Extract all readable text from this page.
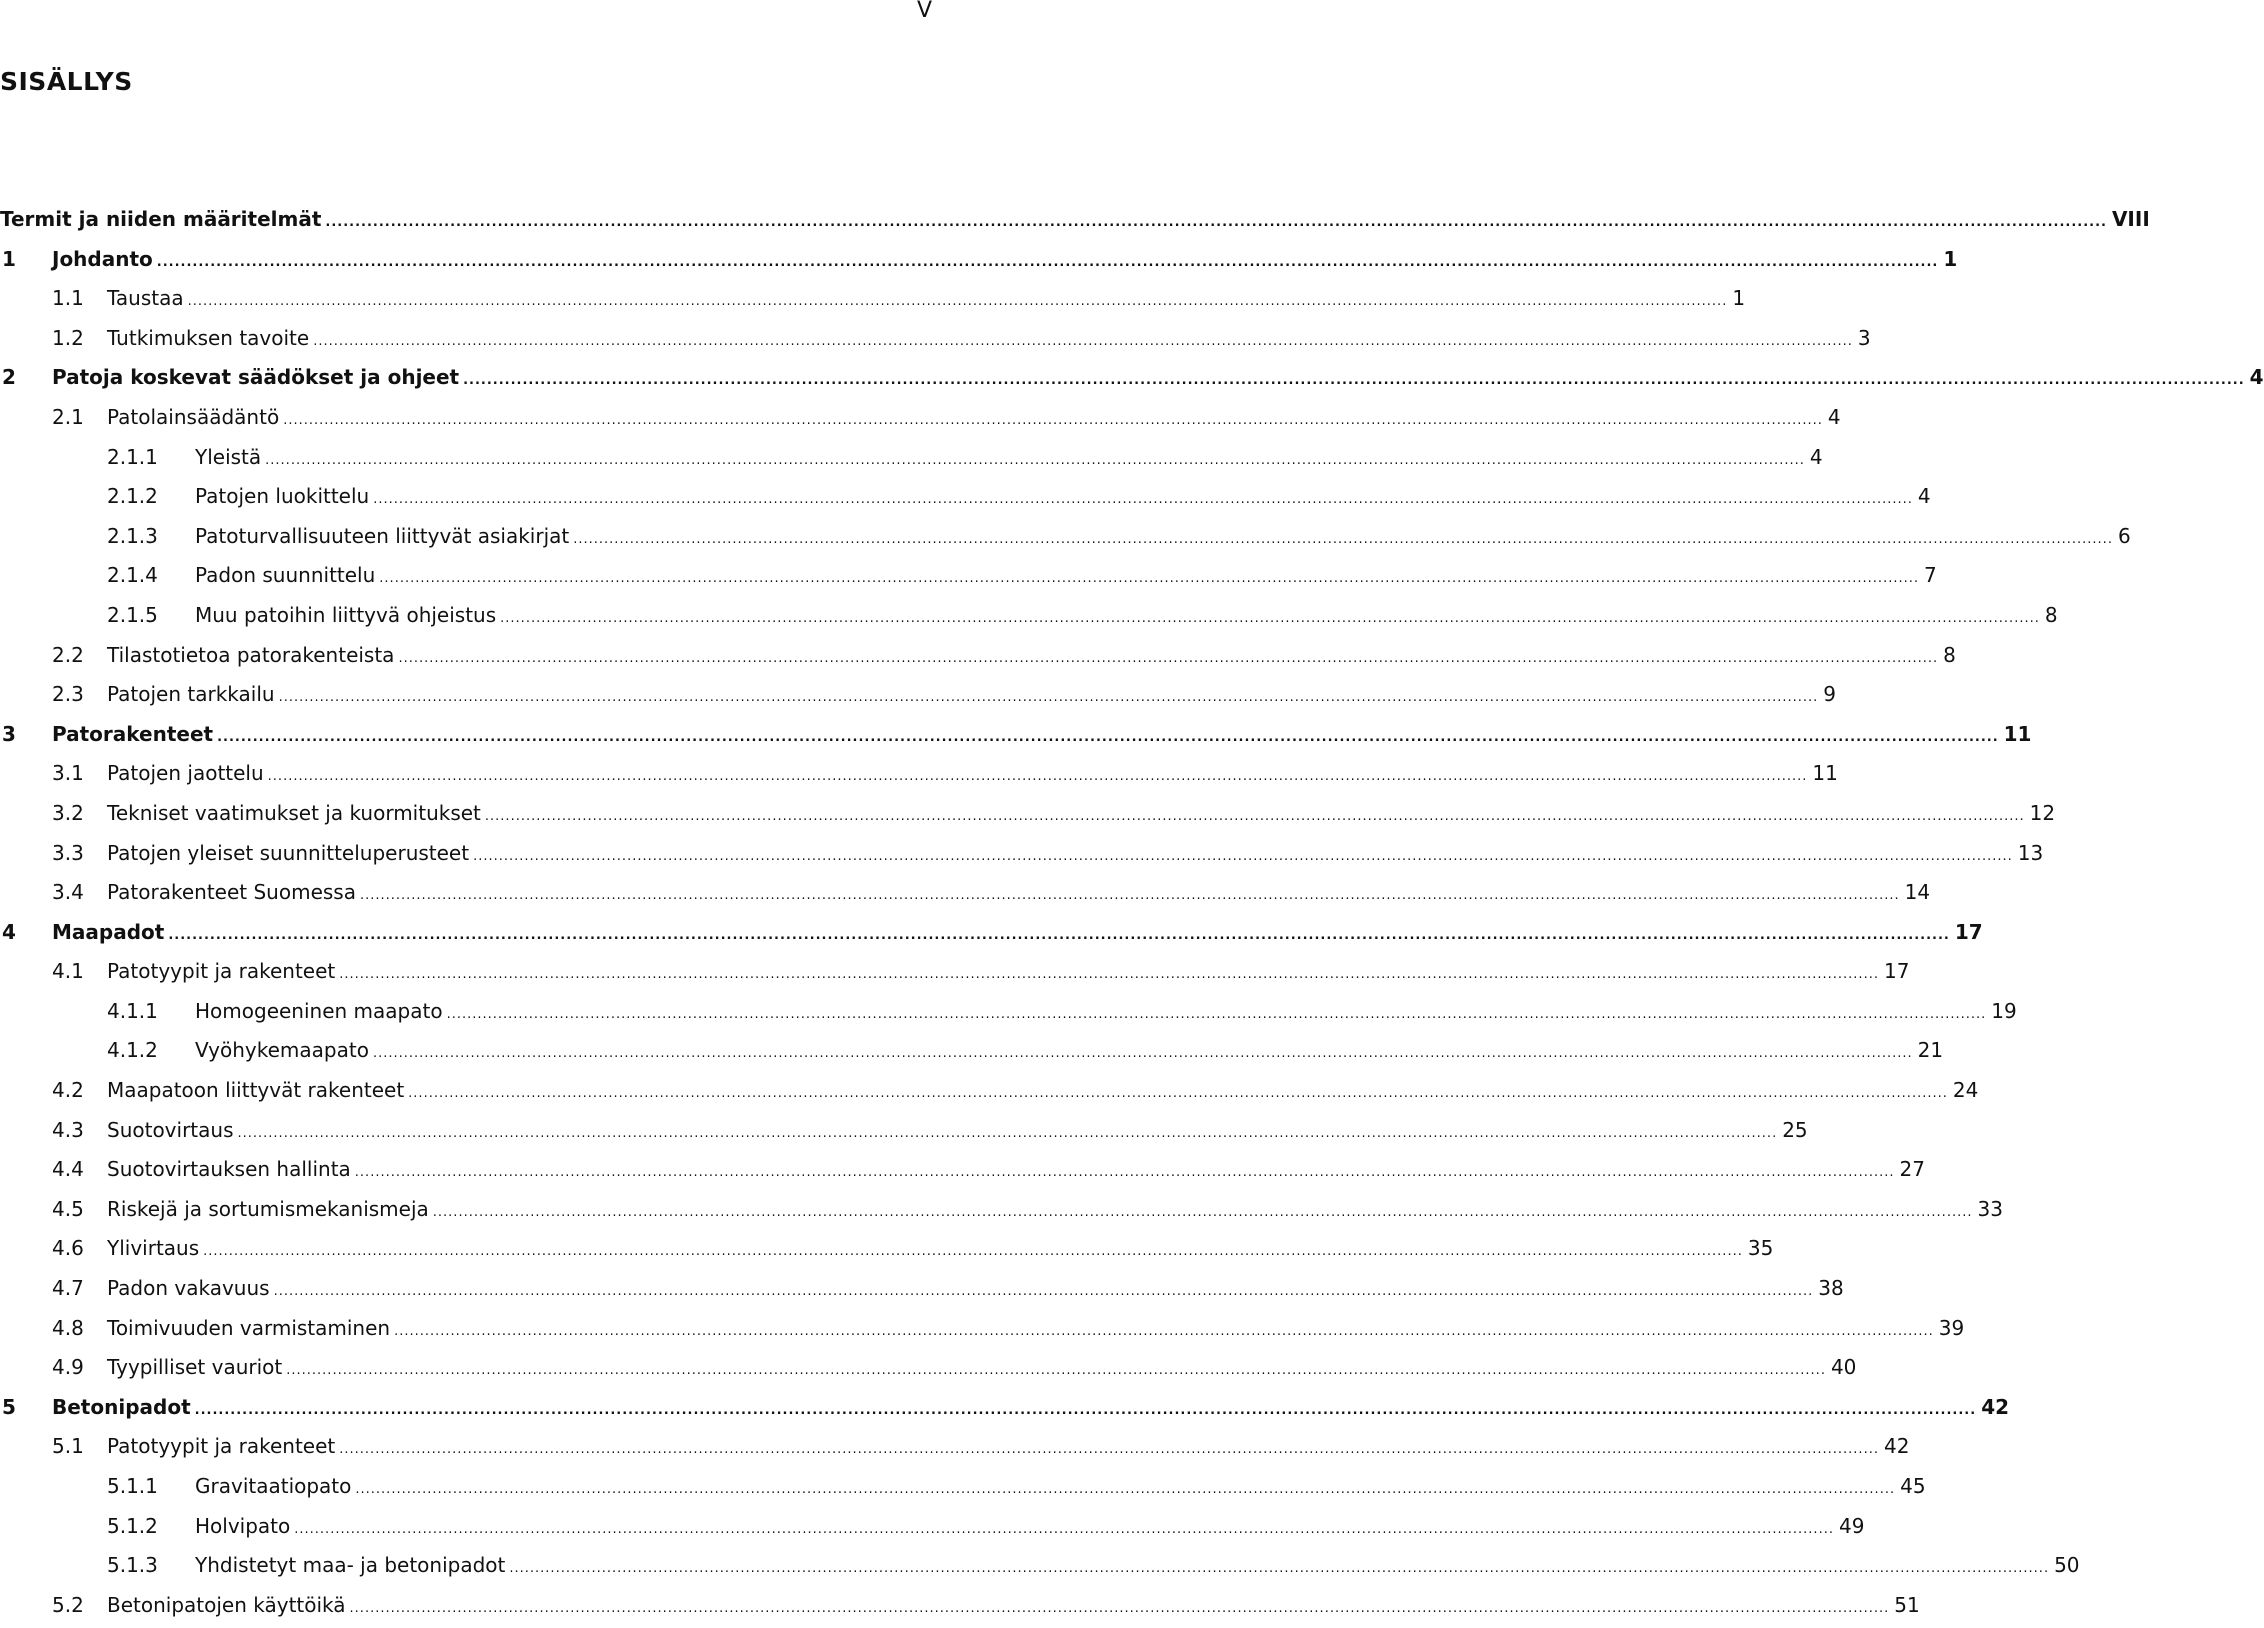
V
SISÄLLYS
Termit ja niiden määritelmät ............................................................................................................................................................................................................................................................................................................ VIII
1 Johdanto ............................................................................................................................................................................................................................................................................................................ 1
1.1 Taustaa ............................................................................................................................................................................................................................................................................................................ 1
1.2 Tutkimuksen tavoite ............................................................................................................................................................................................................................................................................................................ 3
2 Patoja koskevat säädökset ja ohjeet ............................................................................................................................................................................................................................................................................................................ 4
2.1 Patolainsäädäntö ............................................................................................................................................................................................................................................................................................................ 4
2.1.1 Yleistä ............................................................................................................................................................................................................................................................................................................ 4
2.1.2 Patojen luokittelu ............................................................................................................................................................................................................................................................................................................ 4
2.1.3 Patoturvallisuuteen liittyvät asiakirjat ............................................................................................................................................................................................................................................................................................................ 6
2.1.4 Padon suunnittelu ............................................................................................................................................................................................................................................................................................................ 7
2.1.5 Muu patoihin liittyvä ohjeistus ............................................................................................................................................................................................................................................................................................................ 8
2.2 Tilastotietoa patorakenteista ............................................................................................................................................................................................................................................................................................................ 8
2.3 Patojen tarkkailu ............................................................................................................................................................................................................................................................................................................ 9
3 Patorakenteet ............................................................................................................................................................................................................................................................................................................ 11
3.1 Patojen jaottelu ............................................................................................................................................................................................................................................................................................................ 11
3.2 Tekniset vaatimukset ja kuormitukset ............................................................................................................................................................................................................................................................................................................ 12
3.3 Patojen yleiset suunnitteluperusteet ............................................................................................................................................................................................................................................................................................................ 13
3.4 Patorakenteet Suomessa ............................................................................................................................................................................................................................................................................................................ 14
4 Maapadot ............................................................................................................................................................................................................................................................................................................ 17
4.1 Patotyypit ja rakenteet ............................................................................................................................................................................................................................................................................................................ 17
4.1.1 Homogeeninen maapato ............................................................................................................................................................................................................................................................................................................ 19
4.1.2 Vyöhykemaapato ............................................................................................................................................................................................................................................................................................................ 21
4.2 Maapatoon liittyvät rakenteet ............................................................................................................................................................................................................................................................................................................ 24
4.3 Suotovirtaus ............................................................................................................................................................................................................................................................................................................ 25
4.4 Suotovirtauksen hallinta ............................................................................................................................................................................................................................................................................................................ 27
4.5 Riskejä ja sortumismekanismeja ............................................................................................................................................................................................................................................................................................................ 33
4.6 Ylivirtaus ............................................................................................................................................................................................................................................................................................................ 35
4.7 Padon vakavuus ............................................................................................................................................................................................................................................................................................................ 38
4.8 Toimivuuden varmistaminen ............................................................................................................................................................................................................................................................................................................ 39
4.9 Tyypilliset vauriot ............................................................................................................................................................................................................................................................................................................ 40
5 Betonipadot ............................................................................................................................................................................................................................................................................................................ 42
5.1 Patotyypit ja rakenteet ............................................................................................................................................................................................................................................................................................................ 42
5.1.1 Gravitaatiopato ............................................................................................................................................................................................................................................................................................................ 45
5.1.2 Holvipato ............................................................................................................................................................................................................................................................................................................ 49
5.1.3 Yhdistetyt maa- ja betonipadot ............................................................................................................................................................................................................................................................................................................ 50
5.2 Betonipatojen käyttöikä ............................................................................................................................................................................................................................................................................................................ 51
